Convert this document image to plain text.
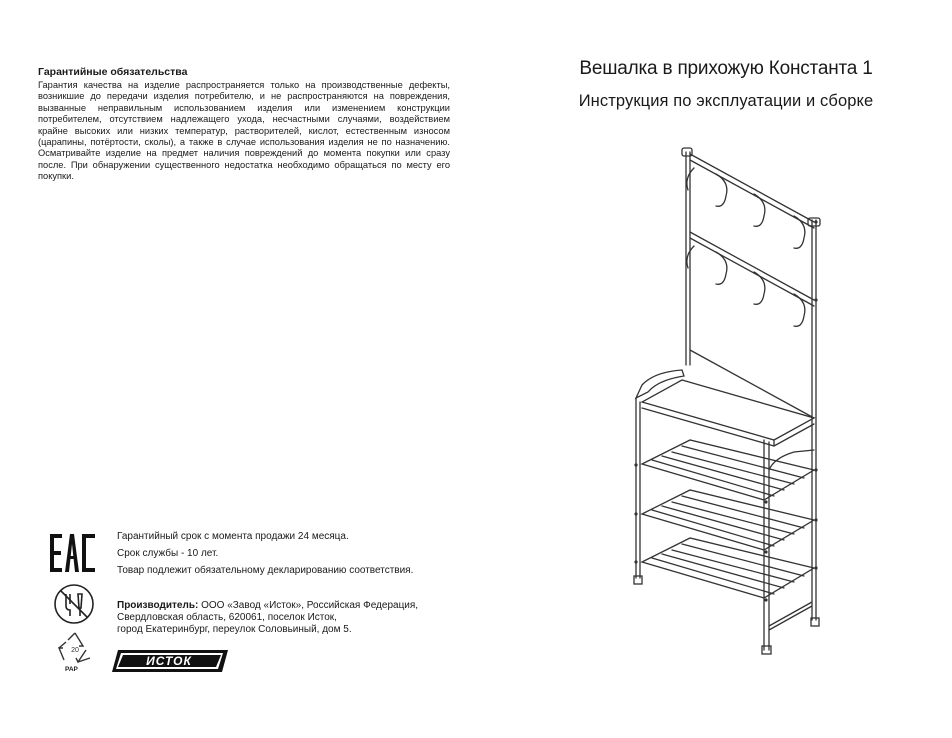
Гарантийные обязательства

Гарантия качества на изделие распространяется только на производственные дефекты, возникшие до передачи изделия потребителю, и не распространяются на повреждения, вызванные неправильным использованием изделия или изменением конструкции потребителем, отсутствием надлежащего ухода, несчастными случаями, воздействием крайне высоких или низких температур, растворителей, кислот, естественным износом (царапины, потёртости, сколы), а также в случае использования изделия не по назначению. Осматривайте изделие на предмет наличия повреждений до момента покупки или сразу после. При обнаружении существенного недостатка необходимо обращаться по месту его покупки.

Вешалка в прихожую Константа 1
Инструкция по эксплуатации и сборке
20
PAP
ИСТОК
Гарантийный срок с момента продажи 24 месяца.
Срок службы - 10 лет.
Товар подлежит обязательному декларированию соответствия.
Производитель: ООО «Завод «Исток», Российская Федерация,
Свердловская область, 620061, поселок Исток,
город Екатеринбург, переулок Соловьиный, дом 5.
